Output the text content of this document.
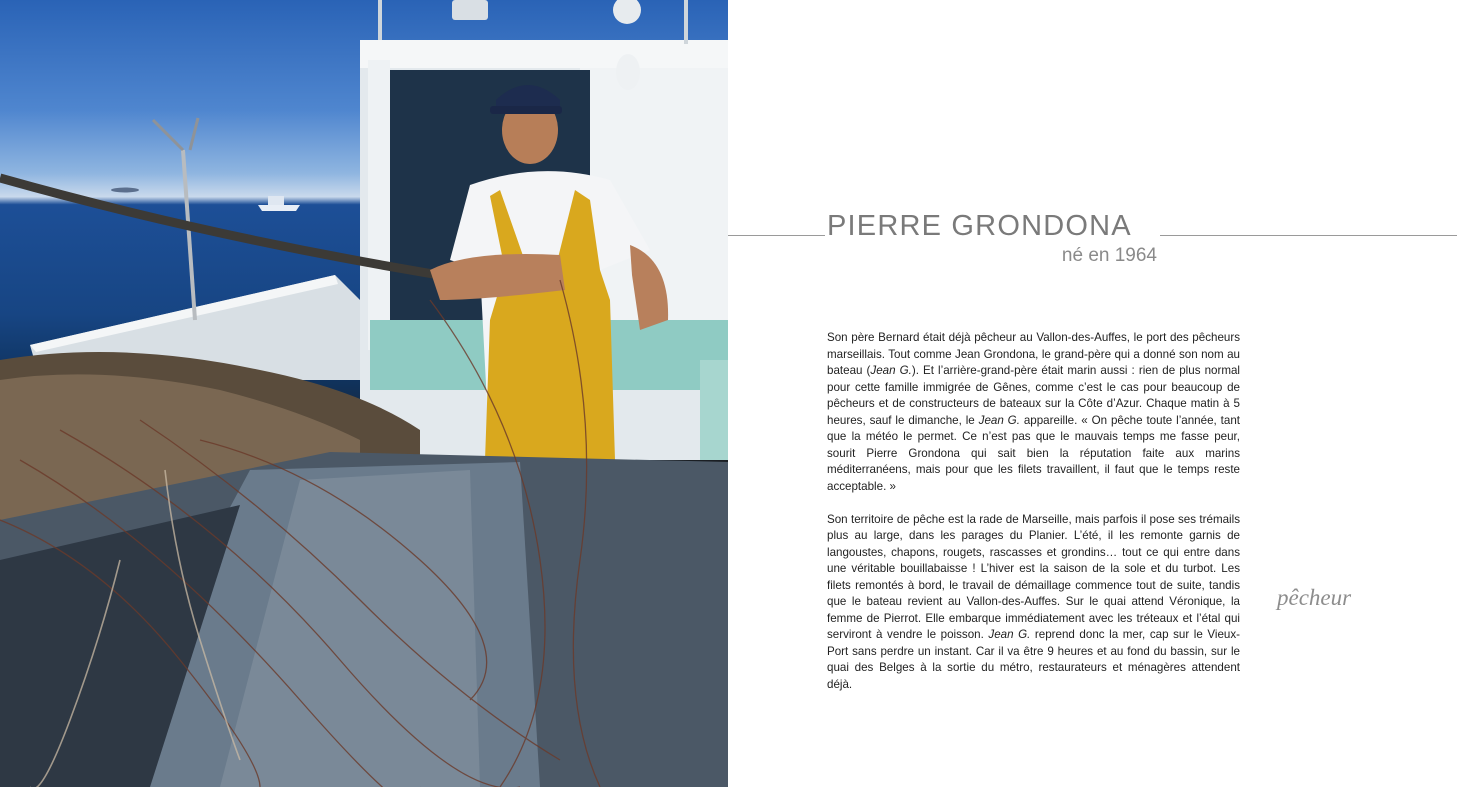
PIERRE GRONDONA
né en 1964

Son père Bernard était déjà pêcheur au Vallon-des-Auffes, le port des pêcheurs marseillais. Tout comme Jean Grondona, le grand-père qui a donné son nom au bateau (Jean G.). Et l’arrière-grand-père était marin aussi : rien de plus normal pour cette famille immigrée de Gênes, comme c’est le cas pour beaucoup de pêcheurs et de constructeurs de bateaux sur la Côte d’Azur. Chaque matin à 5 heures, sauf le dimanche, le Jean G. appareille. « On pêche toute l’année, tant que la météo le permet. Ce n’est pas que le mauvais temps me fasse peur, sourit Pierre Grondona qui sait bien la réputation faite aux marins méditerranéens, mais pour que les filets travaillent, il faut que le temps reste acceptable. »

Son territoire de pêche est la rade de Marseille, mais parfois il pose ses trémails plus au large, dans les parages du Planier. L’été, il les remonte garnis de langoustes, chapons, rougets, rascasses et grondins… tout ce qui entre dans une véritable bouillabaisse ! L’hiver est la saison de la sole et du turbot. Les filets remontés à bord, le travail de démaillage commence tout de suite, tandis que le bateau revient au Vallon-des-Auffes. Sur le quai attend Véronique, la femme de Pierrot. Elle embarque immédiatement avec les tréteaux et l’étal qui serviront à vendre le poisson. Jean G. reprend donc la mer, cap sur le Vieux-Port sans perdre un instant. Car il va être 9 heures et au fond du bassin, sur le quai des Belges à la sortie du métro, restaurateurs et ménagères attendent déjà.

pêcheur
